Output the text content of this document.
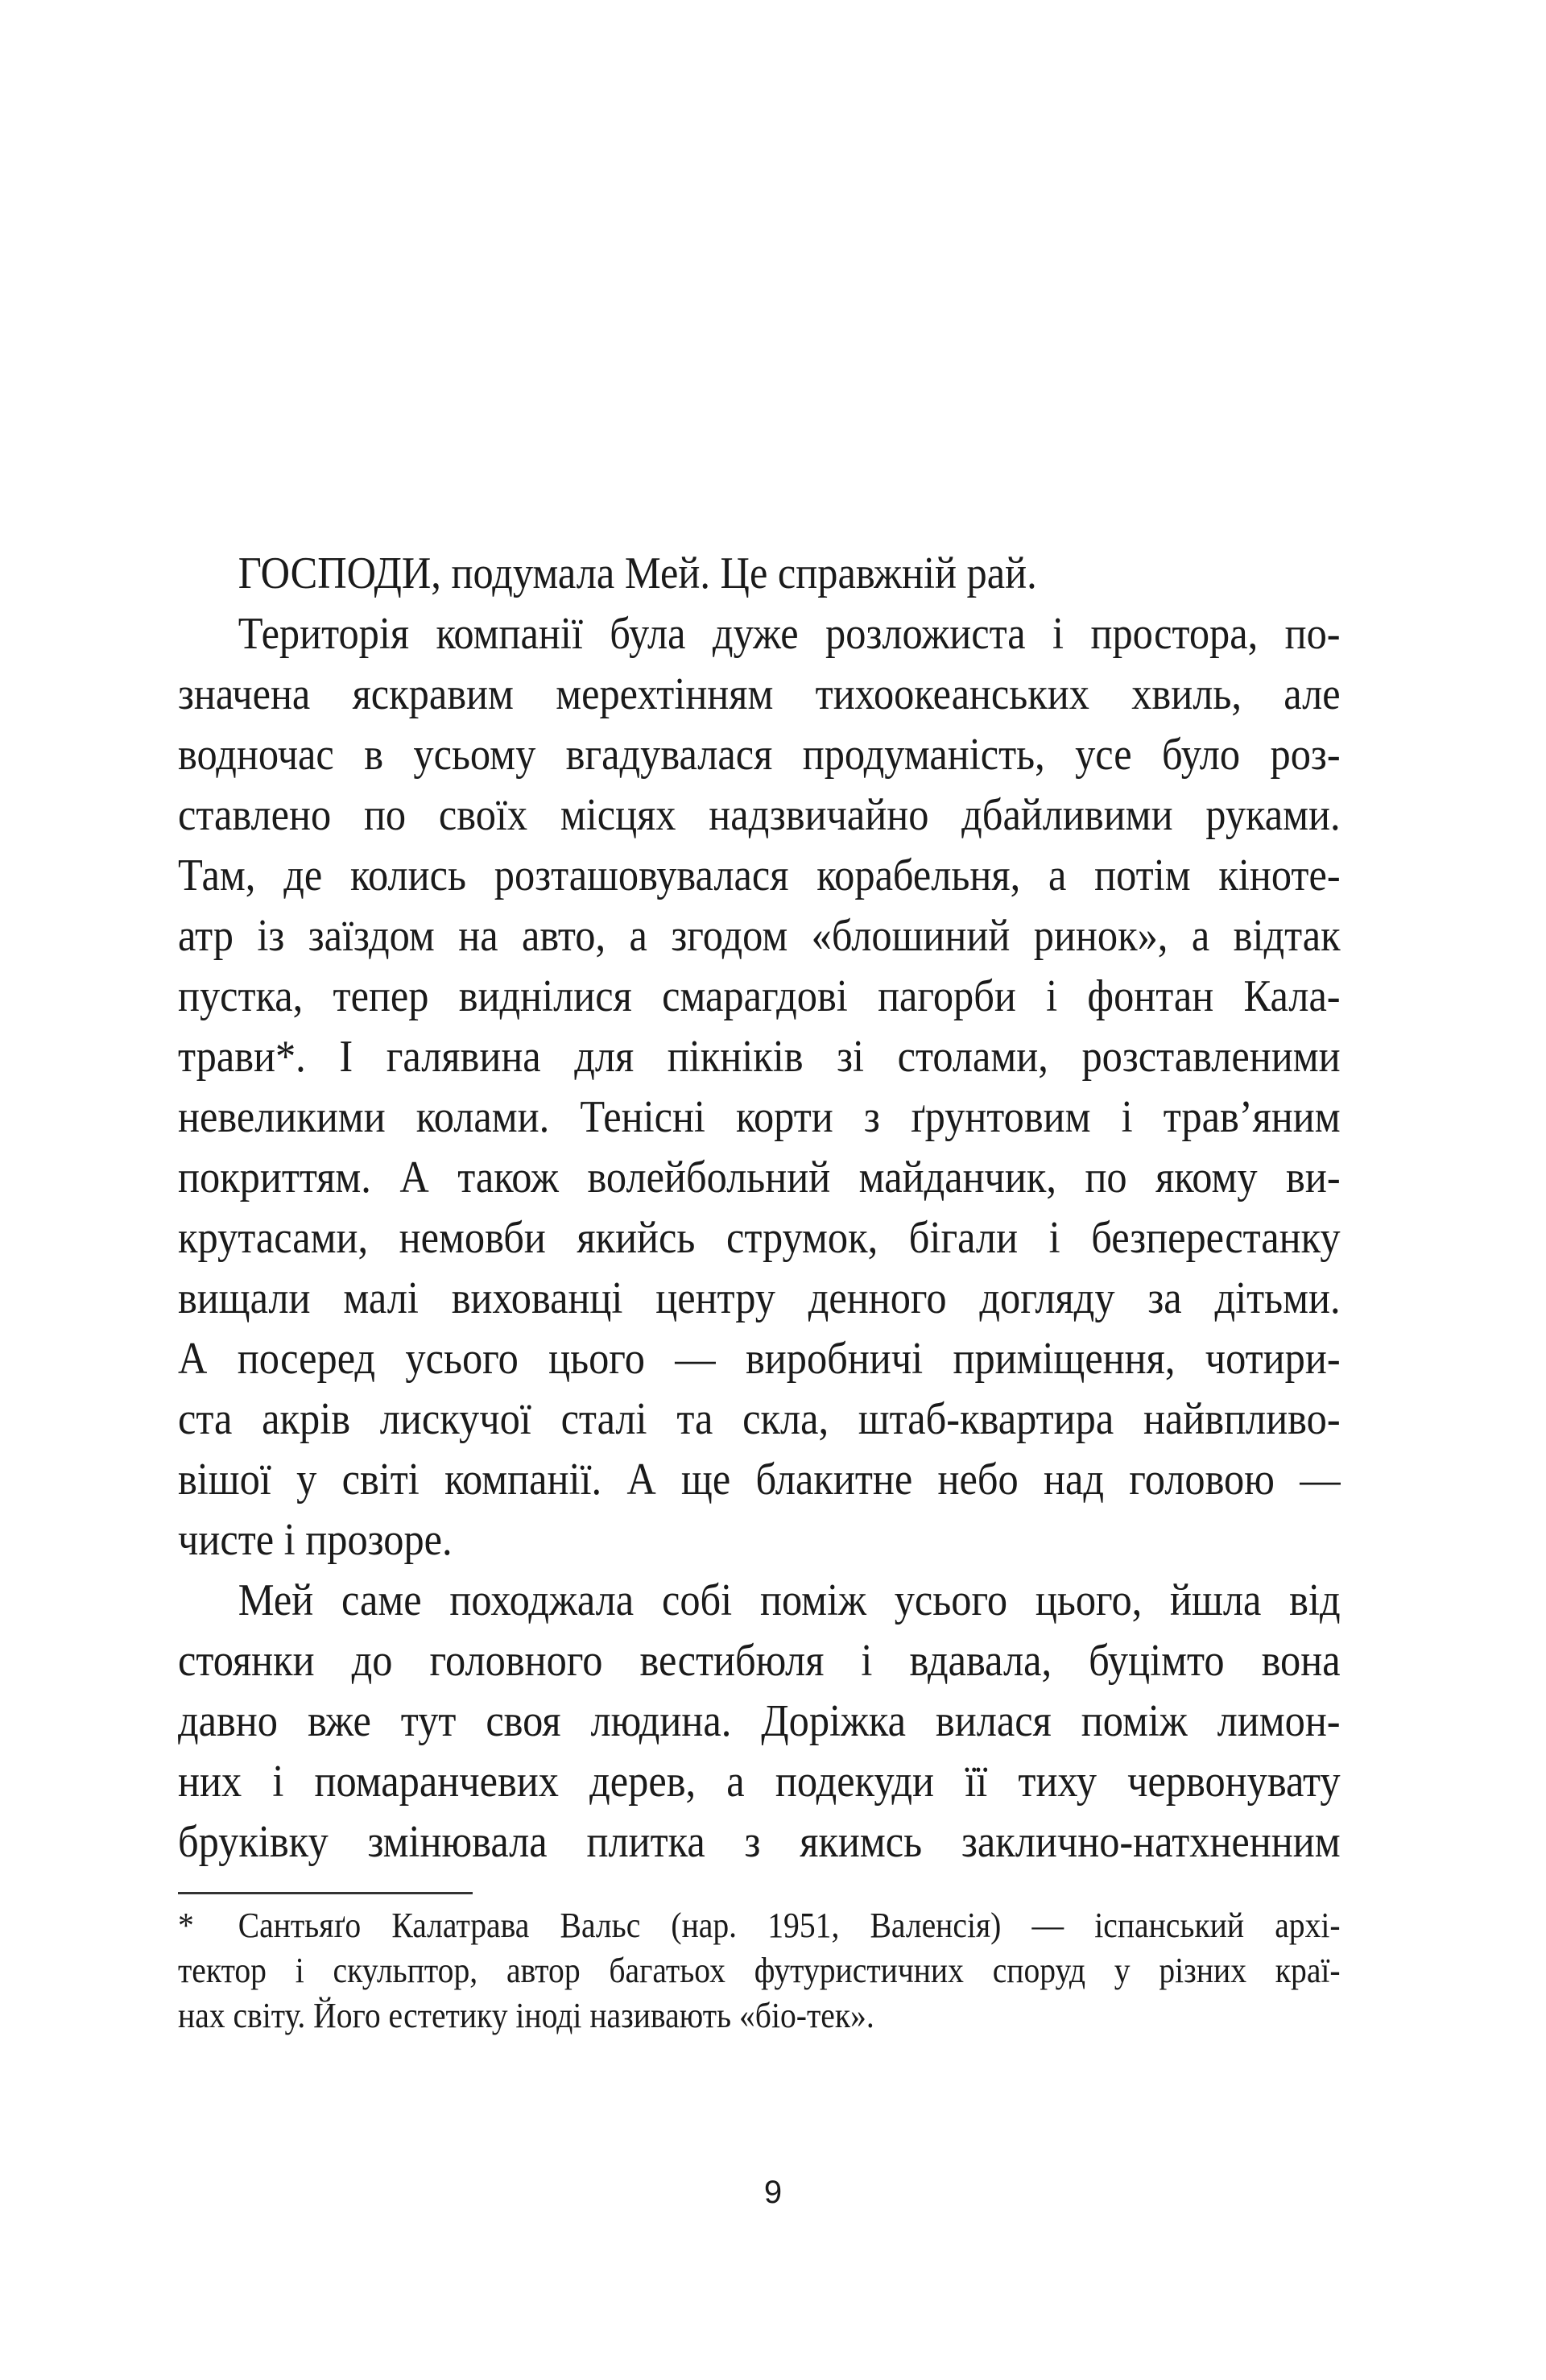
ГОСПОДИ, подумала Мей. Це справжній рай.
Територія компанії була дуже розложиста і простора, по-
значена яскравим мерехтінням тихоокеанських хвиль, але
водночас в усьому вгадувалася продуманість, усе було роз-
ставлено по своїх місцях надзвичайно дбайливими руками.
Там, де колись розташовувалася корабельня, а потім кіноте-
атр із заїздом на авто, а згодом «блошиний ринок», а відтак
пустка, тепер виднілися смарагдові пагорби і фонтан Кала-
трави*. І галявина для пікніків зі столами, розставленими
невеликими колами. Тенісні корти з ґрунтовим і трав’яним
покриттям. А також волейбольний майданчик, по якому ви-
крутасами, немовби якийсь струмок, бігали і безперестанку
вищали малі вихованці центру денного догляду за дітьми.
А посеред усього цього — виробничі приміщення, чотири-
ста акрів лискучої сталі та скла, штаб-квартира найвпливо-
вішої у світі компанії. А ще блакитне небо над головою —
чисте і прозоре.
Мей саме походжала собі поміж усього цього, йшла від
стоянки до головного вестибюля і вдавала, буцімто вона
давно вже тут своя людина. Доріжка вилася поміж лимон-
них і помаранчевих дерев, а подекуди її тиху червонувату
бруківку змінювала плитка з якимсь заклично-натхненним
* Сантьяґо Калатрава Вальс (нар. 1951, Валенсія) — іспанський архі-
тектор і скульптор, автор багатьох футуристичних споруд у різних краї-
нах світу. Його естетику іноді називають «біо-тек».
9
